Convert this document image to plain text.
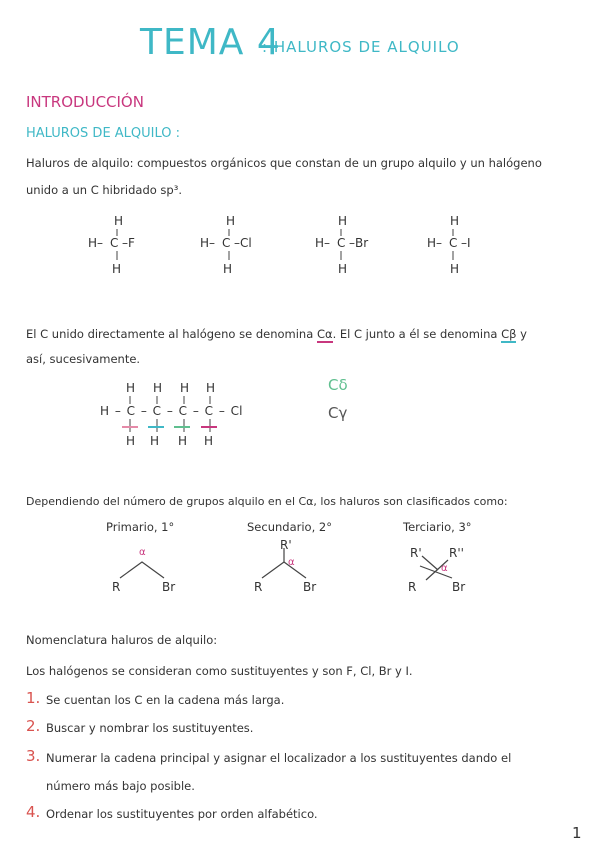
TEMA 4
: HALUROS DE ALQUILO
INTRODUCCIÓN
HALUROS DE ALQUILO :
Haluros de alquilo: compuestos orgánicos que constan de un grupo alquilo y un halógeno
unido a un C hibridado sp³.
H
H– C –F
H
H
H– C –Cl
H
H
H– C –Br
H
H
H– C –I
H
El C unido directamente al halógeno se denomina Cα. El C junto a él se denomina Cβ y
así, sucesivamente.
H H H H
H – C – C – C – C – Cl
H H H H
Cδ
Cγ
Dependiendo del número de grupos alquilo en el Cα, los haluros son clasificados como:
Primario, 1°	Secundario, 2°	Terciario, 3°
α
R	Br
R'
α
R	Br
R' R''
α
R	Br
Nomenclatura haluros de alquilo:
Los halógenos se consideran como sustituyentes y son F, Cl, Br y I.
1. Se cuentan los C en la cadena más larga.
2. Buscar y nombrar los sustituyentes.
3. Numerar la cadena principal y asignar el localizador a los sustituyentes dando el
número más bajo posible.
4. Ordenar los sustituyentes por orden alfabético.
1
